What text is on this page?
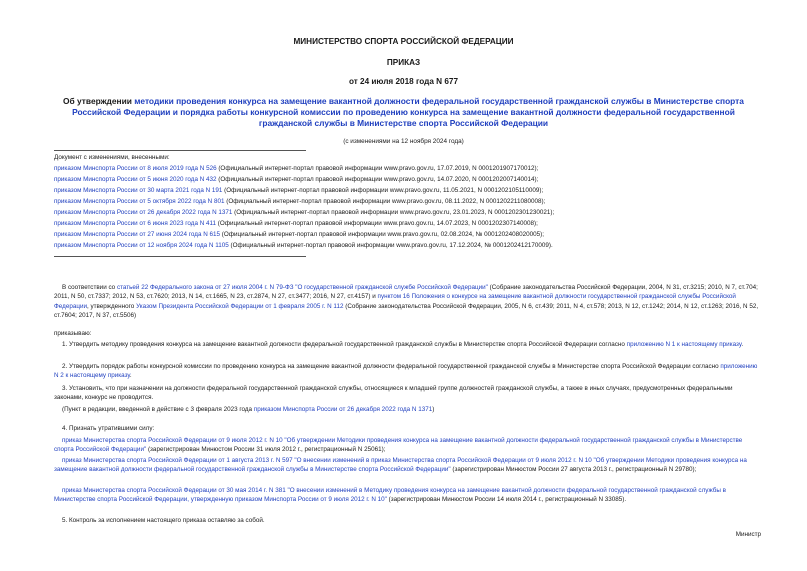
МИНИСТЕРСТВО СПОРТА РОССИЙСКОЙ ФЕДЕРАЦИИ
ПРИКАЗ
от 24 июля 2018 года N 677
Об утверждении методики проведения конкурса на замещение вакантной должности федеральной государственной гражданской службы в Министерстве спорта Российской Федерации и порядка работы конкурсной комиссии по проведению конкурса на замещение вакантной должности федеральной государственной гражданской службы в Министерстве спорта Российской Федерации
(с изменениями на 12 ноября 2024 года)
Документ с изменениями, внесенными:
приказом Минспорта России от 8 июля 2019 года N 526 (Официальный интернет-портал правовой информации www.pravo.gov.ru, 17.07.2019, N 0001201907170012);
приказом Минспорта России от 5 июня 2020 года N 432 (Официальный интернет-портал правовой информации www.pravo.gov.ru, 14.07.2020, N 0001202007140014);
приказом Минспорта России от 30 марта 2021 года N 191 (Официальный интернет-портал правовой информации www.pravo.gov.ru, 11.05.2021, N 0001202105110009);
приказом Минспорта России от 5 октября 2022 года N 801 (Официальный интернет-портал правовой информации www.pravo.gov.ru, 08.11.2022, N 0001202211080008);
приказом Минспорта России от 26 декабря 2022 года N 1371 (Официальный интернет-портал правовой информации www.pravo.gov.ru, 23.01.2023, N 0001202301230021);
приказом Минспорта России от 6 июня 2023 года N 411 (Официальный интернет-портал правовой информации www.pravo.gov.ru, 14.07.2023, N 0001202307140008);
приказом Минспорта России от 27 июня 2024 года N 615 (Официальный интернет-портал правовой информации www.pravo.gov.ru, 02.08.2024, № 0001202408020005);
приказом Минспорта России от 12 ноября 2024 года N 1105 (Официальный интернет-портал правовой информации www.pravo.gov.ru, 17.12.2024, № 0001202412170009).
В соответствии со статьей 22 Федерального закона от 27 июля 2004 г. N 79-ФЗ "О государственной гражданской службе Российской Федерации" (Собрание законодательства Российской Федерации, 2004, N 31, ст.3215; 2010, N 7, ст.704; 2011, N 50, ст.7337; 2012, N 53, ст.7620; 2013, N 14, ст.1665, N 23, ст.2874, N 27, ст.3477; 2016, N 27, ст.4157) и пунктом 16 Положения о конкурсе на замещение вакантной должности государственной гражданской службы Российской Федерации, утвержденного Указом Президента Российской Федерации от 1 февраля 2005 г. N 112 (Собрание законодательства Российской Федерации, 2005, N 6, ст.439; 2011, N 4, ст.578; 2013, N 12, ст.1242; 2014, N 12, ст.1263; 2016, N 52, ст.7604; 2017, N 37, ст.5506)
приказываю:
1. Утвердить методику проведения конкурса на замещение вакантной должности федеральной государственной гражданской службы в Министерстве спорта Российской Федерации согласно приложению N 1 к настоящему приказу.
2. Утвердить порядок работы конкурсной комиссии по проведению конкурса на замещение вакантной должности федеральной государственной гражданской службы в Министерстве спорта Российской Федерации согласно приложению N 2 к настоящему приказу.
3. Установить, что при назначении на должности федеральной государственной гражданской службы, относящиеся к младшей группе должностей гражданской службы, а также в иных случаях, предусмотренных федеральными законами, конкурс не проводится.
(Пункт в редакции, введенной в действие с 3 февраля 2023 года приказом Минспорта России от 26 декабря 2022 года N 1371)
4. Признать утратившими силу:
приказ Министерства спорта Российской Федерации от 9 июля 2012 г. N 10 "Об утверждении Методики проведения конкурса на замещение вакантной должности федеральной государственной гражданской службы в Министерстве спорта Российской Федерации" (зарегистрирован Минюстом России 31 июля 2012 г., регистрационный N 25061);
приказ Министерства спорта Российской Федерации от 1 августа 2013 г. N 597 "О внесении изменений в приказ Министерства спорта Российской Федерации от 9 июля 2012 г. N 10 "Об утверждении Методики проведения конкурса на замещение вакантной должности федеральной государственной гражданской службы в Министерстве спорта Российской Федерации" (зарегистрирован Минюстом России 27 августа 2013 г., регистрационный N 29780);
приказ Министерства спорта Российской Федерации от 30 мая 2014 г. N 381 "О внесении изменений в Методику проведения конкурса на замещение вакантной должности федеральной государственной гражданской службы в Министерстве спорта Российской Федерации, утвержденную приказом Минспорта России от 9 июля 2012 г. N 10" (зарегистрирован Минюстом России 14 июля 2014 г., регистрационный N 33085).
5. Контроль за исполнением настоящего приказа оставляю за собой.
Министр
